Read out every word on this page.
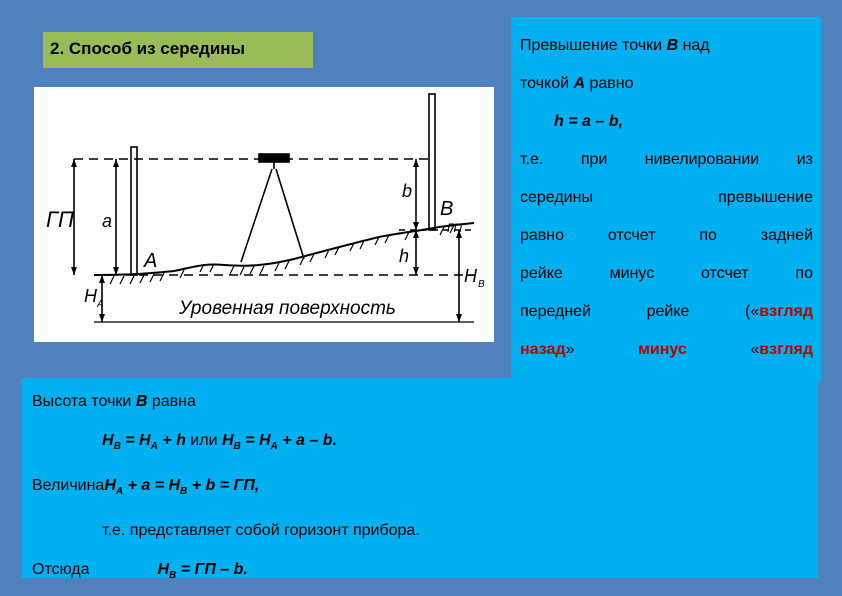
2. Способ из середины
ГП a
A
H A
b
B
h
H B
ГП
Уровенная поверхность

Превышение точки B над

точкой A равно

h = a – b,

т.е. при нивелировании из

середины превышение

равно отсчет по задней

рейке минус отсчет по

передней рейке («взгляд

назад» минус «взгляд

Высота точки B равна

$H_B = H_A + h$ или $H_B = H_A + a - b$.

ВеличинаH$_A$ + $a = H_B + b$ = ГП,

т.е. представляет собой горизонт прибора.

Отсюда	$H_B$ = ГП – b.
